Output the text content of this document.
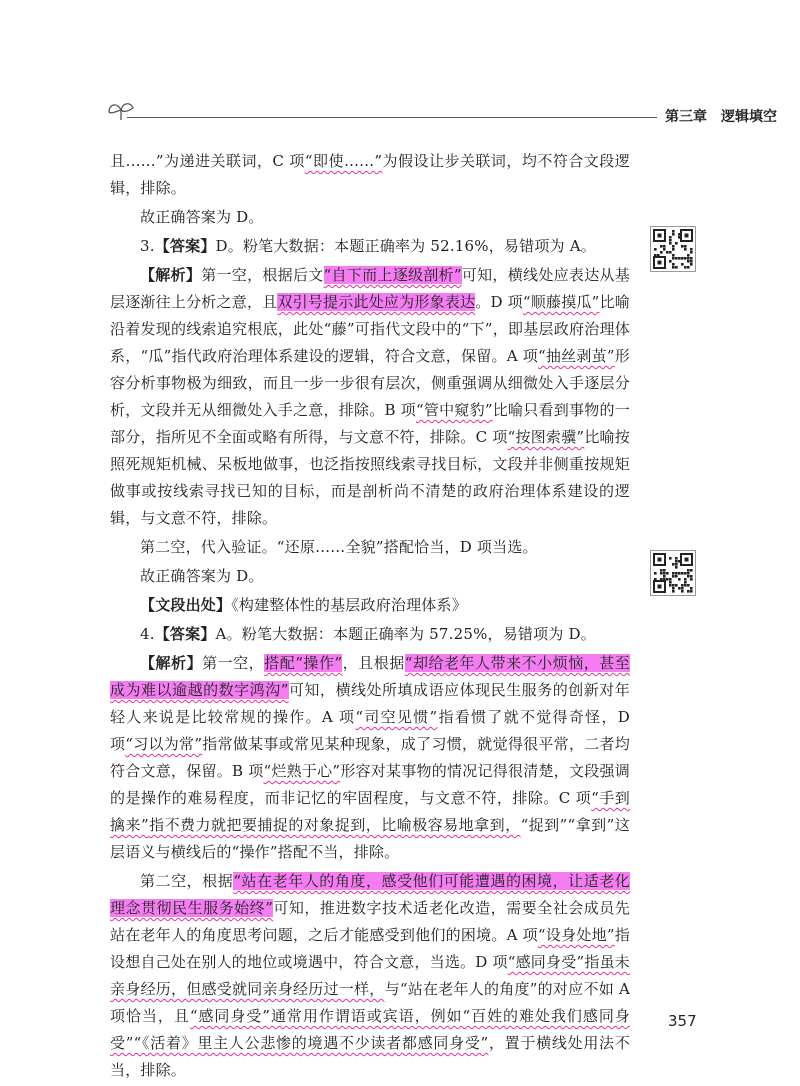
第三章 逻辑填空

且……”为递进关联词，C 项“即使……”为假设让步关联词，均不符合文段逻辑，排除。

故正确答案为 D。

3.【答案】D。粉笔大数据：本题正确率为 52.16%，易错项为 A。

【解析】第一空，根据后文“自下而上逐级剖析”可知，横线处应表达从基层逐渐往上分析之意，且双引号提示此处应为形象表达。D 项“顺藤摸瓜”比喻沿着发现的线索追究根底，此处“藤”可指代文段中的“下”，即基层政府治理体系，“瓜”指代政府治理体系建设的逻辑，符合文意，保留。A 项“抽丝剥茧”形容分析事物极为细致，而且一步一步很有层次，侧重强调从细微处入手逐层分析，文段并无从细微处入手之意，排除。B 项“管中窥豹”比喻只看到事物的一部分，指所见不全面或略有所得，与文意不符，排除。C 项“按图索骥”比喻按照死规矩机械、呆板地做事，也泛指按照线索寻找目标，文段并非侧重按规矩做事或按线索寻找已知的目标，而是剖析尚不清楚的政府治理体系建设的逻辑，与文意不符，排除。

第二空，代入验证。“还原……全貌”搭配恰当，D 项当选。

故正确答案为 D。

【文段出处】《构建整体性的基层政府治理体系》

4.【答案】A。粉笔大数据：本题正确率为 57.25%，易错项为 D。

【解析】第一空，搭配“操作”，且根据“却给老年人带来不小烦恼，甚至成为难以逾越的数字鸿沟”可知，横线处所填成语应体现民生服务的创新对年轻人来说是比较常规的操作。A 项“司空见惯”指看惯了就不觉得奇怪，D 项“习以为常”指常做某事或常见某种现象，成了习惯，就觉得很平常，二者均符合文意，保留。B 项“烂熟于心”形容对某事物的情况记得很清楚，文段强调的是操作的难易程度，而非记忆的牢固程度，与文意不符，排除。C 项“手到擒来”指不费力就把要捕捉的对象捉到，比喻极容易地拿到，“捉到”“拿到”这层语义与横线后的“操作”搭配不当，排除。

第二空，根据“站在老年人的角度，感受他们可能遭遇的困境，让适老化理念贯彻民生服务始终”可知，推进数字技术适老化改造，需要全社会成员先站在老年人的角度思考问题，之后才能感受到他们的困境。A 项“设身处地”指设想自己处在别人的地位或境遇中，符合文意，当选。D 项“感同身受”指虽未亲身经历，但感受就同亲身经历过一样，与“站在老年人的角度”的对应不如 A 项恰当，且“感同身受”通常用作谓语或宾语，例如“百姓的难处我们感同身受”“《活着》里主人公悲惨的境遇不少读者都感同身受”，置于横线处用法不当，排除。

357
